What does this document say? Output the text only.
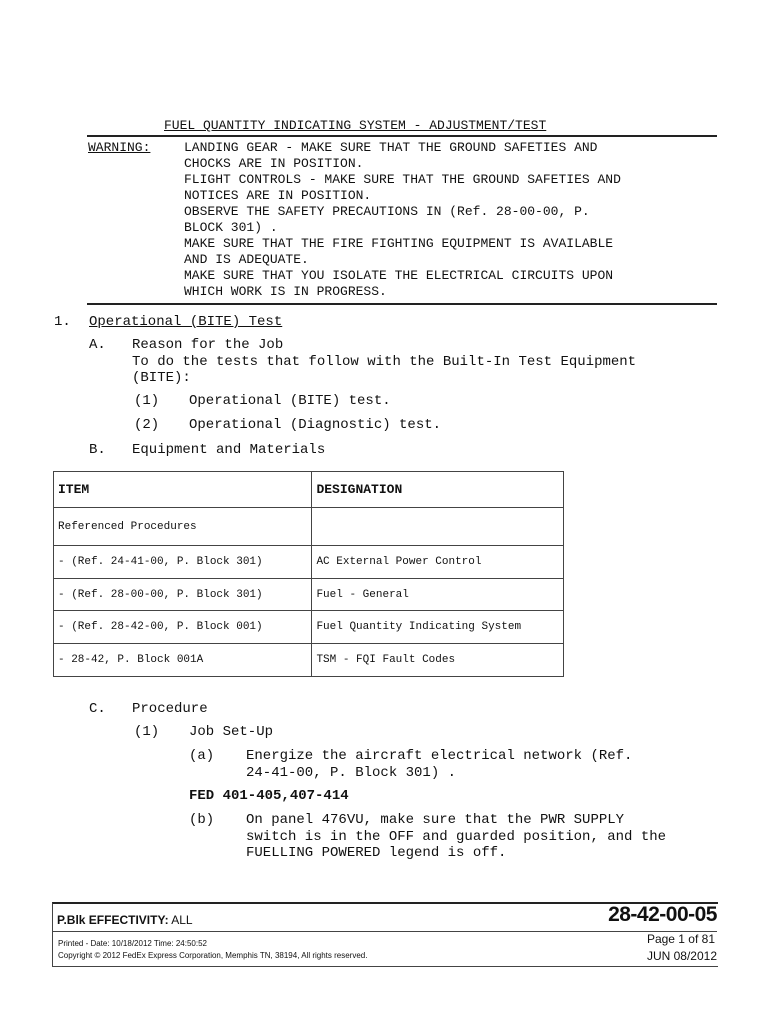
FUEL QUANTITY INDICATING SYSTEM - ADJUSTMENT/TEST
WARNING:	LANDING GEAR - MAKE SURE THAT THE GROUND SAFETIES AND
CHOCKS ARE IN POSITION.
FLIGHT CONTROLS - MAKE SURE THAT THE GROUND SAFETIES AND
NOTICES ARE IN POSITION.
OBSERVE THE SAFETY PRECAUTIONS IN (Ref. 28-00-00, P.
BLOCK 301) .
MAKE SURE THAT THE FIRE FIGHTING EQUIPMENT IS AVAILABLE
AND IS ADEQUATE.
MAKE SURE THAT YOU ISOLATE THE ELECTRICAL CIRCUITS UPON
WHICH WORK IS IN PROGRESS.
1. Operational (BITE) Test
A. Reason for the Job
To do the tests that follow with the Built-In Test Equipment
(BITE):
(1) Operational (BITE) test.
(2) Operational (Diagnostic) test.
B. Equipment and Materials
ITEM	DESIGNATION
Referenced Procedures	
- (Ref. 24-41-00, P. Block 301)	AC External Power Control
- (Ref. 28-00-00, P. Block 301)	Fuel - General
- (Ref. 28-42-00, P. Block 001)	Fuel Quantity Indicating System
- 28-42, P. Block 001A	TSM - FQI Fault Codes
C. Procedure
(1) Job Set-Up
(a) Energize the aircraft electrical network (Ref.
24-41-00, P. Block 301) .
FED 401-405,407-414
(b) On panel 476VU, make sure that the PWR SUPPLY
switch is in the OFF and guarded position, and the
FUELLING POWERED legend is off.
P.Blk EFFECTIVITY: ALL	28-42-00-05
Printed - Date: 10/18/2012 Time: 24:50:52
Copyright © 2012 FedEx Express Corporation, Memphis TN, 38194, All rights reserved.
Page 1 of 81
JUN 08/2012
